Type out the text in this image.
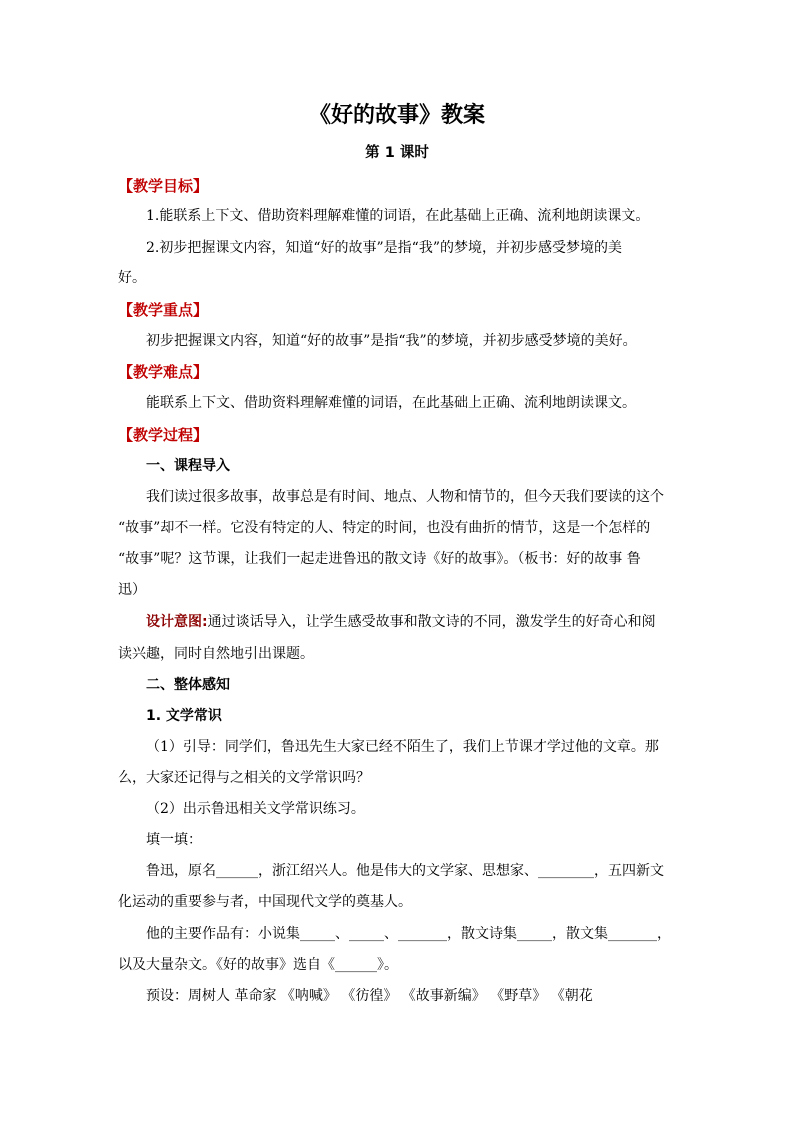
《好的故事》教案
第 1 课时
【教学目标】
1.能联系上下文、借助资料理解难懂的词语，在此基础上正确、流利地朗读课文。
2.初步把握课文内容，知道“好的故事”是指“我”的梦境，并初步感受梦境的美
好。
【教学重点】
初步把握课文内容，知道“好的故事”是指“我”的梦境，并初步感受梦境的美好。
【教学难点】
能联系上下文、借助资料理解难懂的词语，在此基础上正确、流利地朗读课文。
【教学过程】
一、课程导入
我们读过很多故事，故事总是有时间、地点、人物和情节的，但今天我们要读的这个
“故事”却不一样。它没有特定的人、特定的时间，也没有曲折的情节，这是一个怎样的
“故事”呢？这节课，让我们一起走进鲁迅的散文诗《好的故事》。（板书：好的故事 鲁
迅）
设计意图:通过谈话导入，让学生感受故事和散文诗的不同，激发学生的好奇心和阅
读兴趣，同时自然地引出课题。
二、整体感知
1. 文学常识
（1）引导：同学们，鲁迅先生大家已经不陌生了，我们上节课才学过他的文章。那
么，大家还记得与之相关的文学常识吗？
（2）出示鲁迅相关文学常识练习。
填一填：
鲁迅，原名______，浙江绍兴人。他是伟大的文学家、思想家、________，五四新文
化运动的重要参与者，中国现代文学的奠基人。
他的主要作品有：小说集_____、_____、_______，散文诗集_____，散文集_______，
以及大量杂文。《好的故事》选自《______》。
预设：周树人 革命家 《呐喊》 《彷徨》 《故事新编》 《野草》 《朝花
